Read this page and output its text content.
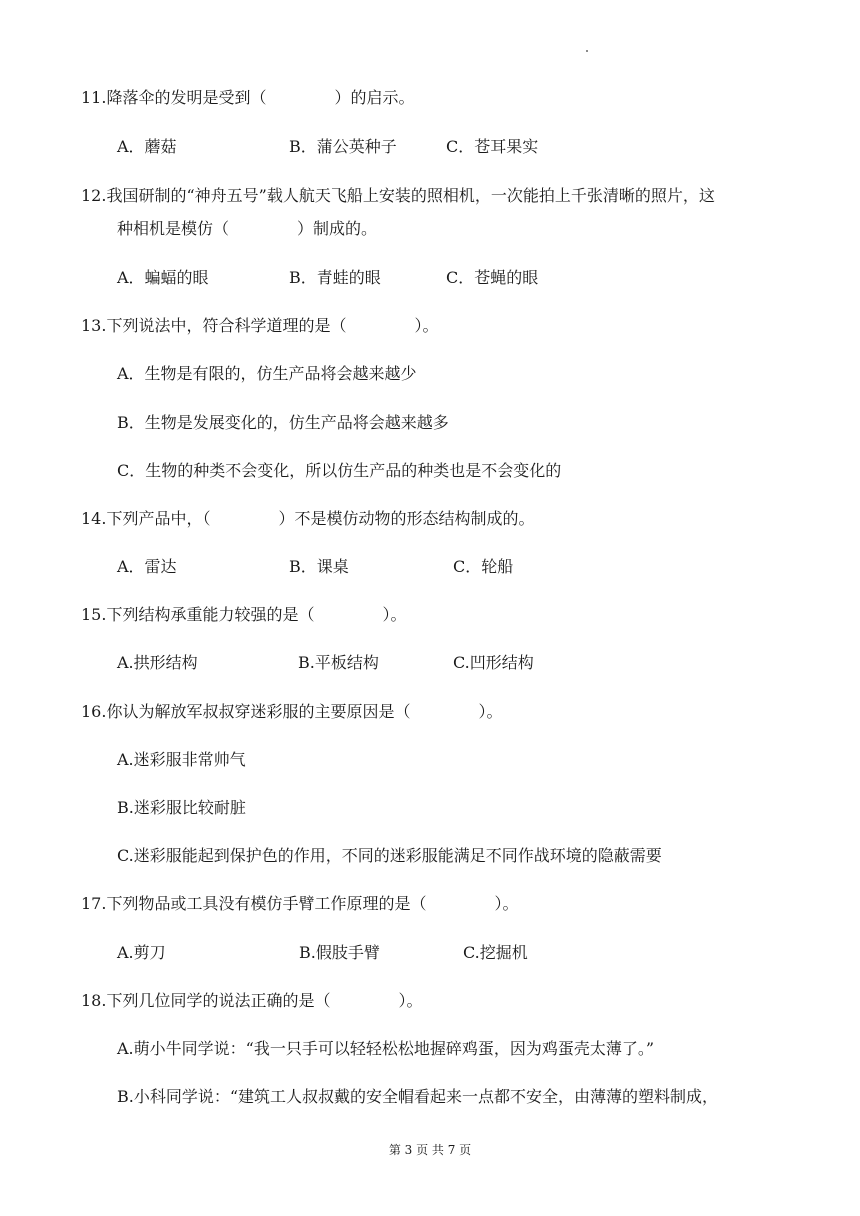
11.降落伞的发明是受到（	）的启示。
A．蘑菇	B．蒲公英种子	C．苍耳果实
12.我国研制的“神舟五号”载人航天飞船上安装的照相机，一次能拍上千张清晰的照片，这
种相机是模仿（	）制成的。
A．蝙蝠的眼	B．青蛙的眼	C．苍蝇的眼
13.下列说法中，符合科学道理的是（	）。
A．生物是有限的，仿生产品将会越来越少
B．生物是发展变化的，仿生产品将会越来越多
C．生物的种类不会变化，所以仿生产品的种类也是不会变化的
14.下列产品中，（	）不是模仿动物的形态结构制成的。
A．雷达	B．课桌	C．轮船
15.下列结构承重能力较强的是（	）。
A.拱形结构	B.平板结构	C.凹形结构
16.你认为解放军叔叔穿迷彩服的主要原因是（	）。
A.迷彩服非常帅气
B.迷彩服比较耐脏
C.迷彩服能起到保护色的作用，不同的迷彩服能满足不同作战环境的隐蔽需要
17.下列物品或工具没有模仿手臂工作原理的是（	）。
A.剪刀	B.假肢手臂	C.挖掘机
18.下列几位同学的说法正确的是（	）。
A.萌小牛同学说：“我一只手可以轻轻松松地握碎鸡蛋，因为鸡蛋壳太薄了。”
B.小科同学说：“建筑工人叔叔戴的安全帽看起来一点都不安全，由薄薄的塑料制成，
第 3 页 共 7 页
